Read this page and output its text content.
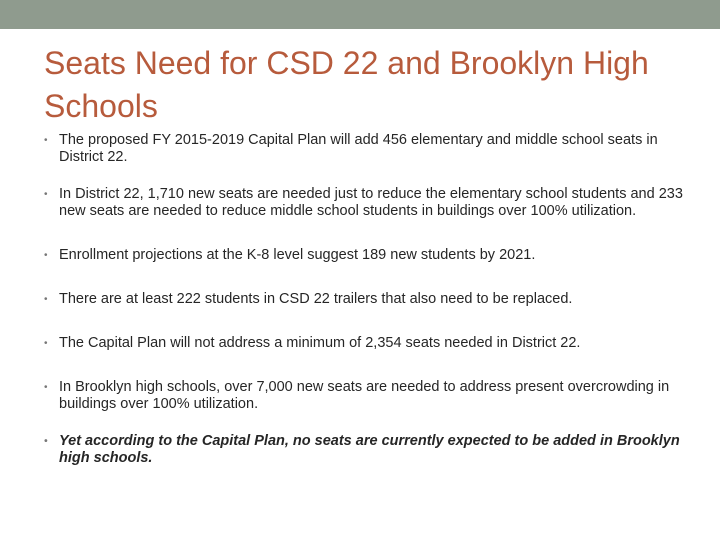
Seats Need for CSD 22 and Brooklyn High Schools
• The proposed FY 2015-2019 Capital Plan will add 456 elementary and middle school seats in District 22.
• In District 22, 1,710 new seats are needed just to reduce the elementary school students and 233 new seats are needed to reduce middle school students in buildings over 100% utilization.
• Enrollment projections at the K-8 level suggest 189 new students by 2021.
• There are at least 222 students in CSD 22 trailers that also need to be replaced.
• The Capital Plan will not address a minimum of 2,354 seats needed in District 22.
• In Brooklyn high schools, over 7,000 new seats are needed to address present overcrowding in buildings over 100% utilization.
• Yet according to the Capital Plan, no seats are currently expected to be added in Brooklyn high schools.
